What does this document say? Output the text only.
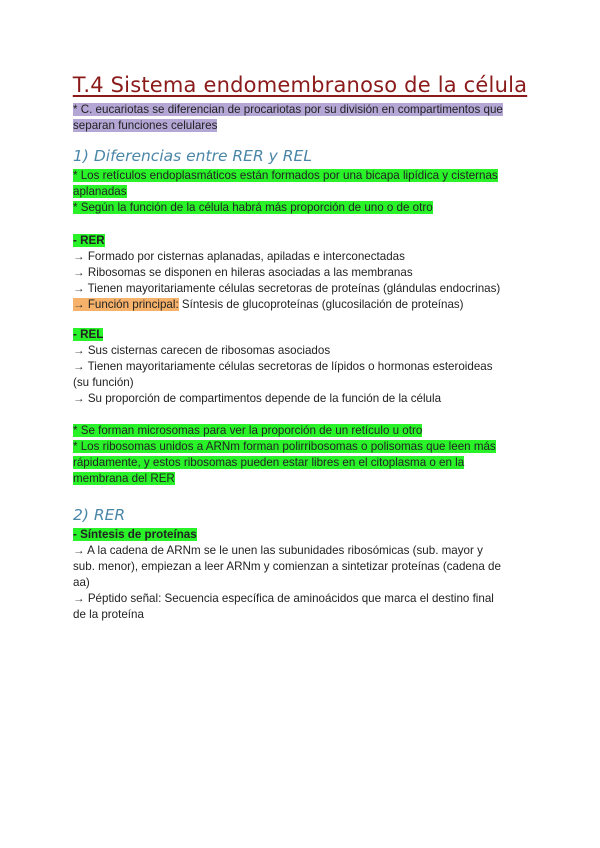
T.4 Sistema endomembranoso de la célula
* C. eucariotas se diferencian de procariotas por su división en compartimentos que
separan funciones celulares
1) Diferencias entre RER y REL
* Los retículos endoplasmáticos están formados por una bicapa lipídica y cisternas
aplanadas
* Según la función de la célula habrá más proporción de uno o de otro
- RER
→ Formado por cisternas aplanadas, apiladas e interconectadas
→ Ribosomas se disponen en hileras asociadas a las membranas
→ Tienen mayoritariamente células secretoras de proteínas (glándulas endocrinas)
→ Función principal: Síntesis de glucoproteínas (glucosilación de proteínas)
- REL
→ Sus cisternas carecen de ribosomas asociados
→ Tienen mayoritariamente células secretoras de lípidos o hormonas esteroideas
(su función)
→ Su proporción de compartimentos depende de la función de la célula
* Se forman microsomas para ver la proporción de un retículo u otro
* Los ribosomas unidos a ARNm forman polirribosomas o polisomas que leen más
rápidamente, y estos ribosomas pueden estar libres en el citoplasma o en la
membrana del RER
2) RER
- Síntesis de proteínas
→ A la cadena de ARNm se le unen las subunidades ribosómicas (sub. mayor y
sub. menor), empiezan a leer ARNm y comienzan a sintetizar proteínas (cadena de
aa)
→ Péptido señal: Secuencia específica de aminoácidos que marca el destino final
de la proteína
